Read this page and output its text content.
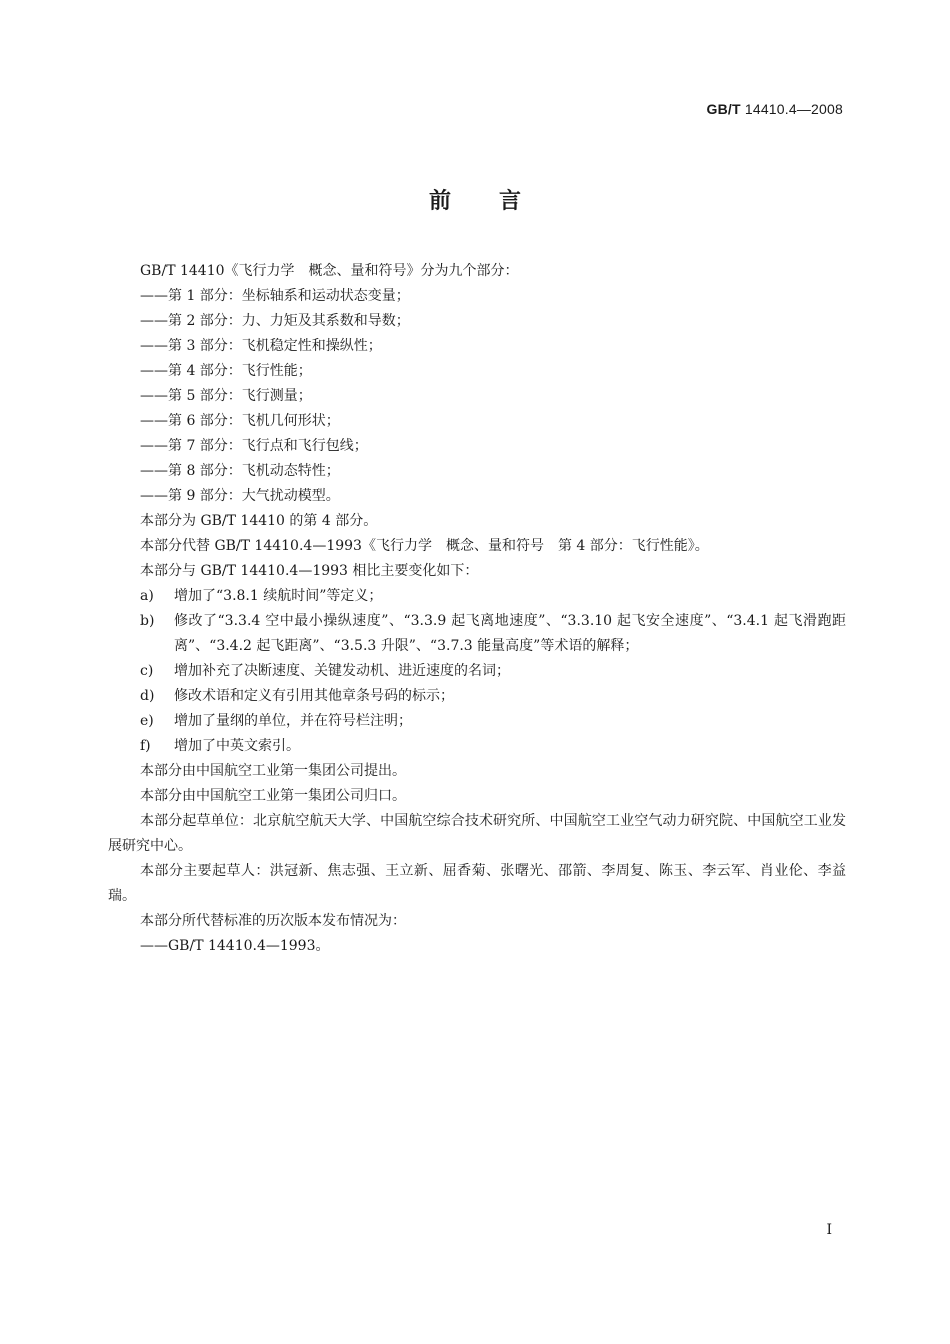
GB/T 14410.4—2008
前言

GB/T 14410《飞行力学　概念、量和符号》分为九个部分：

——第 1 部分：坐标轴系和运动状态变量；

——第 2 部分：力、力矩及其系数和导数；

——第 3 部分：飞机稳定性和操纵性；

——第 4 部分：飞行性能；

——第 5 部分：飞行测量；

——第 6 部分：飞机几何形状；

——第 7 部分：飞行点和飞行包线；

——第 8 部分：飞机动态特性；

——第 9 部分：大气扰动模型。

本部分为 GB/T 14410 的第 4 部分。

本部分代替 GB/T 14410.4—1993《飞行力学　概念、量和符号　第 4 部分：飞行性能》。

本部分与 GB/T 14410.4—1993 相比主要变化如下：

a)	增加了“3.8.1 续航时间”等定义；
b)	修改了“3.3.4 空中最小操纵速度”、“3.3.9 起飞离地速度”、“3.3.10 起飞安全速度”、“3.4.1 起飞滑跑距离”、“3.4.2 起飞距离”、“3.5.3 升限”、“3.7.3 能量高度”等术语的解释；
c)	增加补充了决断速度、关键发动机、进近速度的名词；
d)	修改术语和定义有引用其他章条号码的标示；
e)	增加了量纲的单位，并在符号栏注明；
f)	增加了中英文索引。

本部分由中国航空工业第一集团公司提出。

本部分由中国航空工业第一集团公司归口。

本部分起草单位：北京航空航天大学、中国航空综合技术研究所、中国航空工业空气动力研究院、中国航空工业发展研究中心。

本部分主要起草人：洪冠新、焦志强、王立新、屈香菊、张曙光、邵箭、李周复、陈玉、李云军、肖业伦、李益瑞。

本部分所代替标准的历次版本发布情况为：

——GB/T 14410.4—1993。

I
